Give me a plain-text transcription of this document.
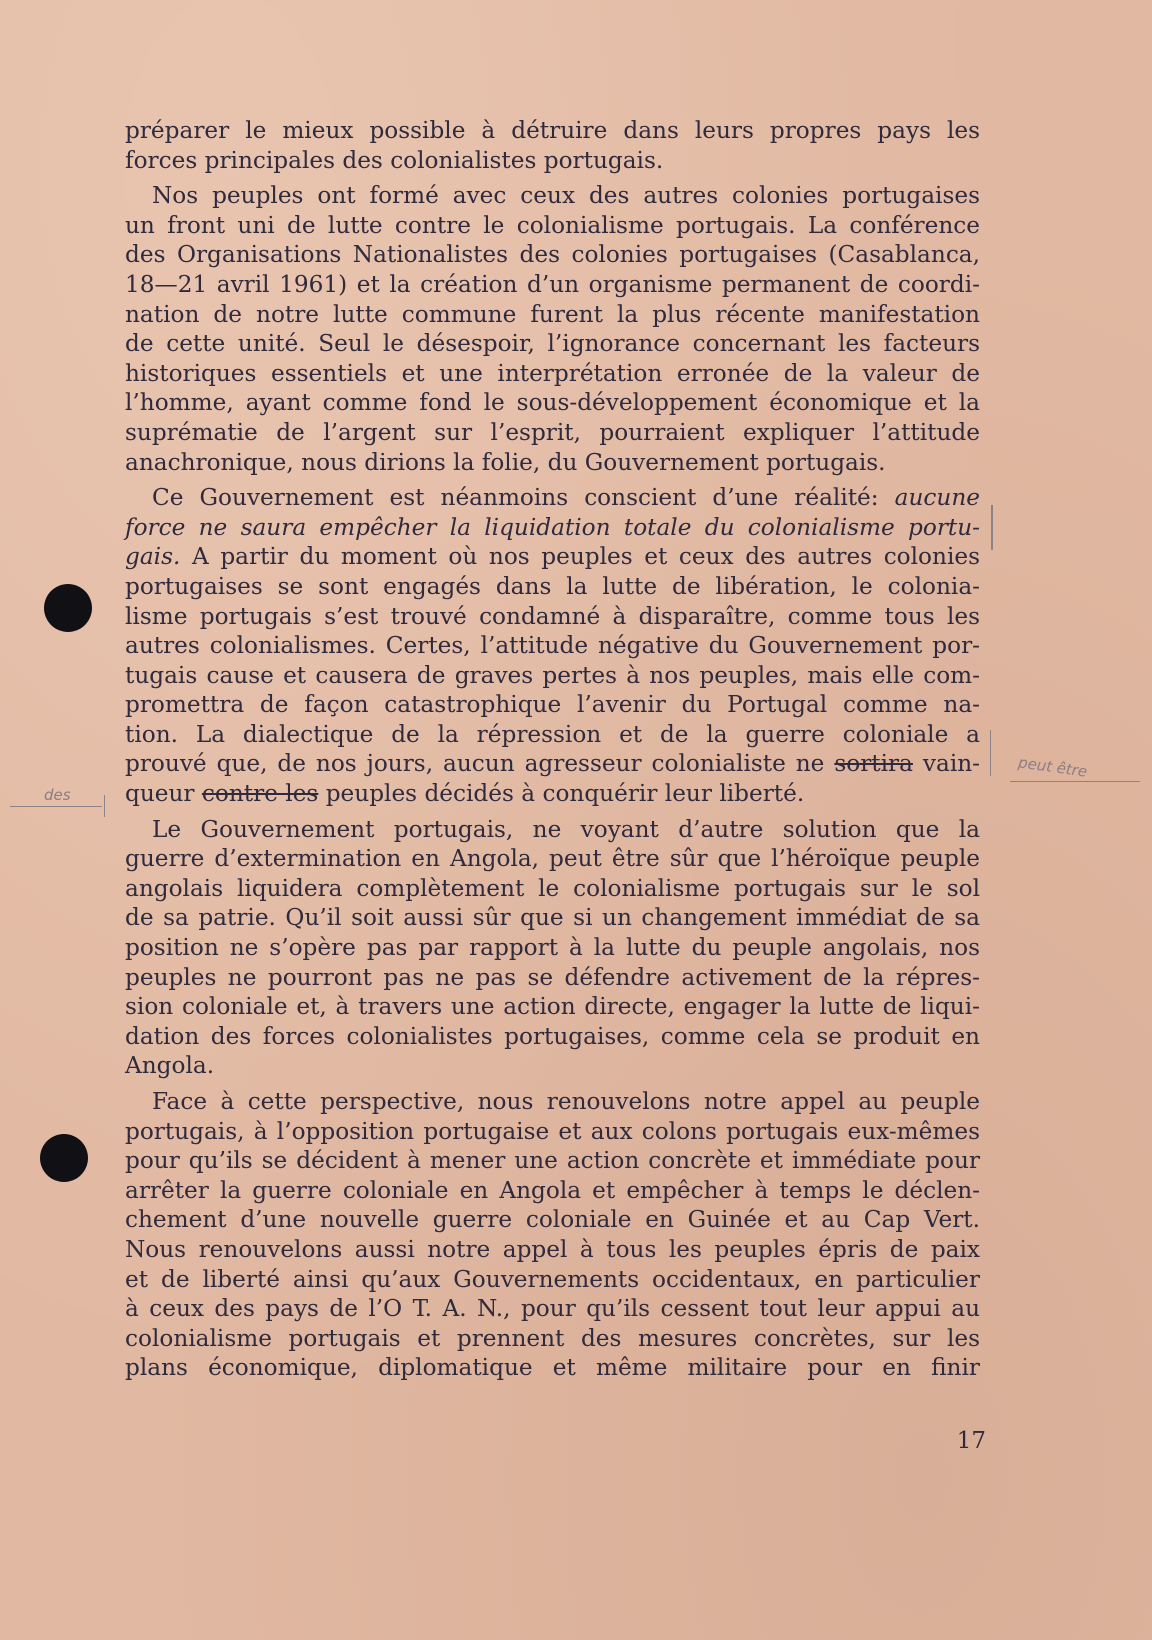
préparer le mieux possible à détruire dans leurs propres pays les
forces principales des colonialistes portugais.
Nos peuples ont formé avec ceux des autres colonies portugaises
un front uni de lutte contre le colonialisme portugais. La conférence
des Organisations Nationalistes des colonies portugaises (Casablanca,
18—21 avril 1961) et la création d’un organisme permanent de coordi-
nation de notre lutte commune furent la plus récente manifestation
de cette unité. Seul le désespoir, l’ignorance concernant les facteurs
historiques essentiels et une interprétation erronée de la valeur de
l’homme, ayant comme fond le sous-développement économique et la
suprématie de l’argent sur l’esprit, pourraient expliquer l’attitude
anachronique, nous dirions la folie, du Gouvernement portugais.
Ce Gouvernement est néanmoins conscient d’une réalité: aucune
force ne saura empêcher la liquidation totale du colonialisme portu-
gais. A partir du moment où nos peuples et ceux des autres colonies
portugaises se sont engagés dans la lutte de libération, le colonia-
lisme portugais s’est trouvé condamné à disparaître, comme tous les
autres colonialismes. Certes, l’attitude négative du Gouvernement por-
tugais cause et causera de graves pertes à nos peuples, mais elle com-
promettra de façon catastrophique l’avenir du Portugal comme na-
tion. La dialectique de la répression et de la guerre coloniale a
prouvé que, de nos jours, aucun agresseur colonialiste ne sortira vain-
queur contre les peuples décidés à conquérir leur liberté.
Le Gouvernement portugais, ne voyant d’autre solution que la
guerre d’extermination en Angola, peut être sûr que l’héroïque peuple
angolais liquidera complètement le colonialisme portugais sur le sol
de sa patrie. Qu’il soit aussi sûr que si un changement immédiat de sa
position ne s’opère pas par rapport à la lutte du peuple angolais, nos
peuples ne pourront pas ne pas se défendre activement de la répres-
sion coloniale et, à travers une action directe, engager la lutte de liqui-
dation des forces colonialistes portugaises, comme cela se produit en
Angola.
Face à cette perspective, nous renouvelons notre appel au peuple
portugais, à l’opposition portugaise et aux colons portugais eux-mêmes
pour qu’ils se décident à mener une action concrète et immédiate pour
arrêter la guerre coloniale en Angola et empêcher à temps le déclen-
chement d’une nouvelle guerre coloniale en Guinée et au Cap Vert.
Nous renouvelons aussi notre appel à tous les peuples épris de paix
et de liberté ainsi qu’aux Gouvernements occidentaux, en particulier
à ceux des pays de l’O T. A. N., pour qu’ils cessent tout leur appui au
colonialisme portugais et prennent des mesures concrètes, sur les
plans économique, diplomatique et même militaire pour en finir
17
des
peut être
